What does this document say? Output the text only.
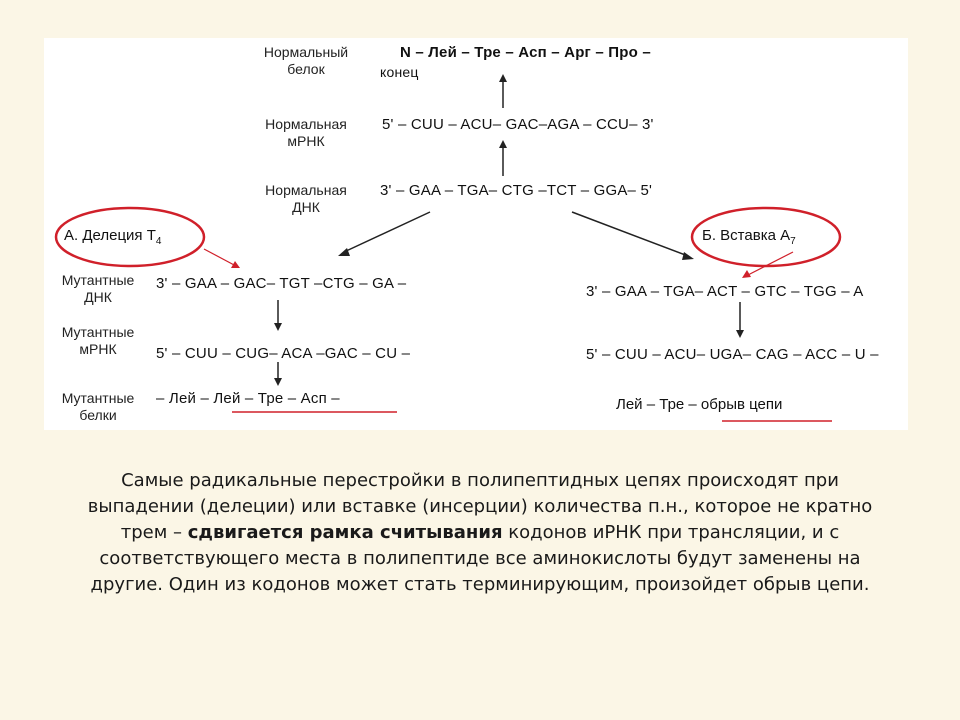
Нормальный
белок
N – Лей – Тре – Асп – Арг – Про –
конец
Нормальная
мРНК
5' – CUU – ACU– GAC–AGA – CCU– 3'
Нормальная
ДНК
3' – GAA – TGA– CTG –TCT – GGA– 5'
А. Делеция $T_4$	Б. Вставка $А_7$
Мутантные
ДНК
Мутантные
мРНК
Мутантные
белки
3' – GAA – GAC– TGT –CTG – GA –
5' – CUU – CUG– ACA –GAC – CU –
– Лей – Лей – Тре – Асп –
3' – GAA – TGA– ACT – GTC – TGG – A
5' – CUU – ACU– UGA– CAG – ACC – U –
Лей – Тре – обрыв цепи
Самые радикальные перестройки в полипептидных цепях происходят при
выпадении (делеции) или вставке (инсерции) количества п.н., которое не кратно
трем – сдвигается рамка считывания кодонов иРНК при трансляции, и с
соответствующего места в полипептиде все аминокислоты будут заменены на
другие. Один из кодонов может стать терминирующим, произойдет обрыв цепи.
